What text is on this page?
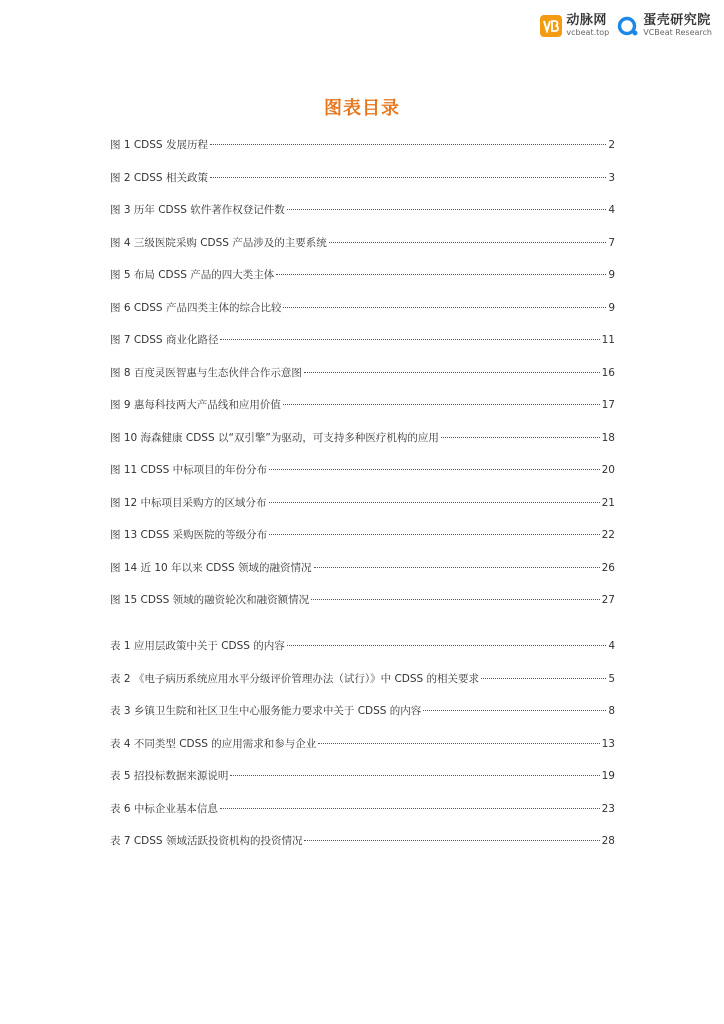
动脉网
vcbeat.top
蛋壳研究院
VCBeat Research
图表目录
图 1 CDSS 发展历程	2
图 2 CDSS 相关政策	3
图 3 历年 CDSS 软件著作权登记件数	4
图 4 三级医院采购 CDSS 产品涉及的主要系统	7
图 5 布局 CDSS 产品的四大类主体	9
图 6 CDSS 产品四类主体的综合比较	9
图 7 CDSS 商业化路径	11
图 8 百度灵医智惠与生态伙伴合作示意图	16
图 9 惠每科技两大产品线和应用价值	17
图 10 海森健康 CDSS 以“双引擎”为驱动，可支持多种医疗机构的应用	18
图 11 CDSS 中标项目的年份分布	20
图 12 中标项目采购方的区域分布	21
图 13 CDSS 采购医院的等级分布	22
图 14 近 10 年以来 CDSS 领域的融资情况	26
图 15 CDSS 领域的融资轮次和融资额情况	27
表 1 应用层政策中关于 CDSS 的内容	4
表 2 《电子病历系统应用水平分级评价管理办法（试行）》中 CDSS 的相关要求	5
表 3 乡镇卫生院和社区卫生中心服务能力要求中关于 CDSS 的内容	8
表 4 不同类型 CDSS 的应用需求和参与企业	13
表 5 招投标数据来源说明	19
表 6 中标企业基本信息	23
表 7 CDSS 领域活跃投资机构的投资情况	28
